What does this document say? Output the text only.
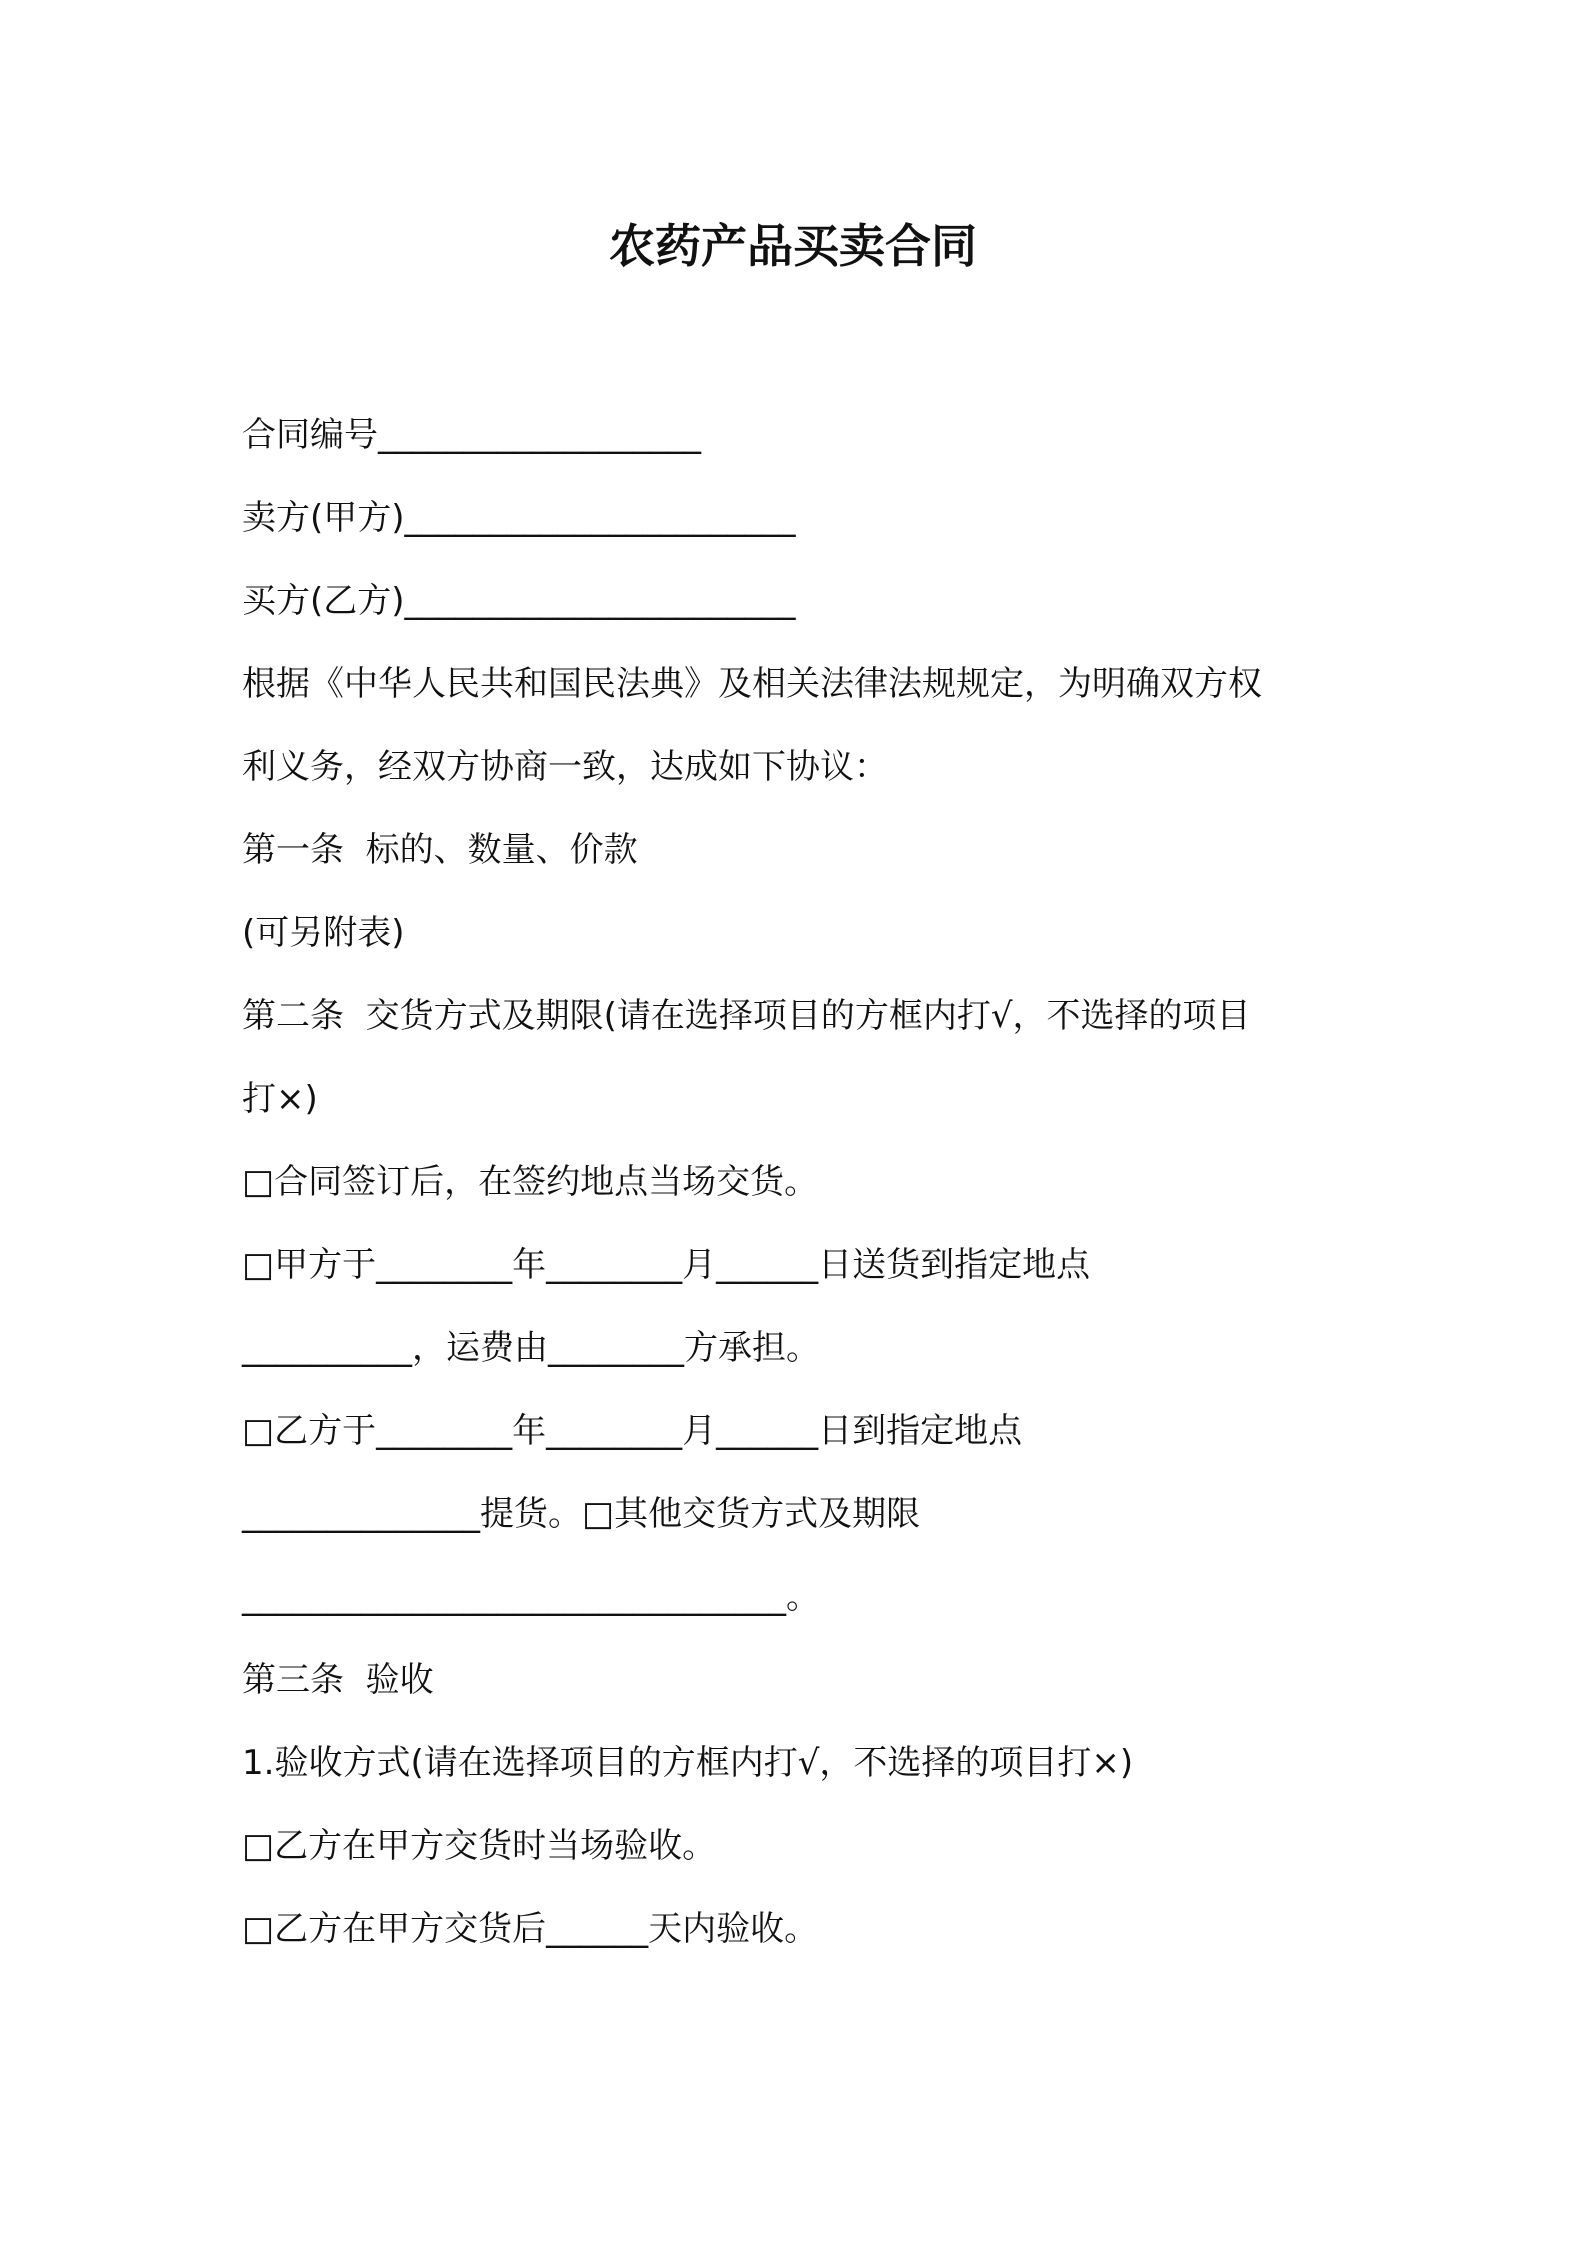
农药产品买卖合同
合同编号___________________
卖方(甲方)_______________________
买方(乙方)_______________________
根据《中华人民共和国民法典》及相关法律法规规定，为明确双方权
利义务，经双方协商一致，达成如下协议：
第一条  标的、数量、价款
(可另附表)
第二条  交货方式及期限(请在选择项目的方框内打√，不选择的项目
打×)
□合同签订后，在签约地点当场交货。
□甲方于________年________月______日送货到指定地点
__________，运费由________方承担。
□乙方于________年________月______日到指定地点
______________提货。□其他交货方式及期限
________________________________。
第三条  验收
1.验收方式(请在选择项目的方框内打√，不选择的项目打×)
□乙方在甲方交货时当场验收。
□乙方在甲方交货后______天内验收。
